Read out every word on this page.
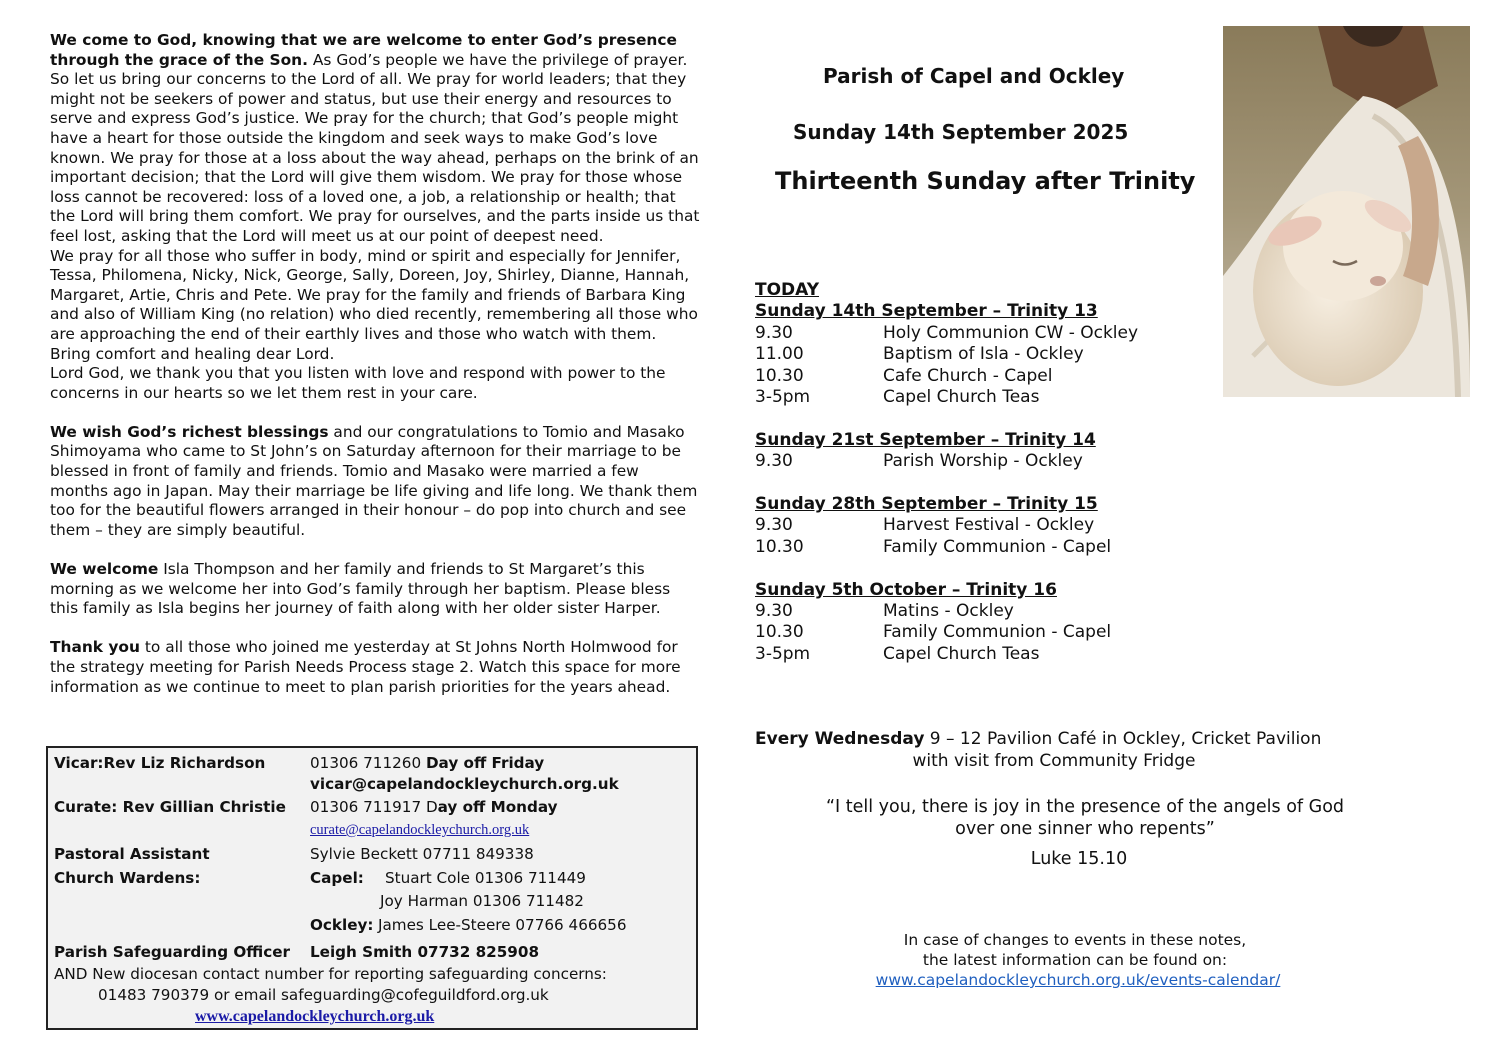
We come to God, knowing that we are welcome to enter God’s presence through the grace of the Son. As God’s people we have the privilege of prayer. So let us bring our concerns to the Lord of all. We pray for world leaders; that they might not be seekers of power and status, but use their energy and resources to serve and express God’s justice. We pray for the church; that God’s people might have a heart for those outside the kingdom and seek ways to make God’s love known. We pray for those at a loss about the way ahead, perhaps on the brink of an important decision; that the Lord will give them wisdom. We pray for those whose loss cannot be recovered: loss of a loved one, a job, a relationship or health; that the Lord will bring them comfort. We pray for ourselves, and the parts inside us that feel lost, asking that the Lord will meet us at our point of deepest need.

We pray for all those who suffer in body, mind or spirit and especially for Jennifer, Tessa, Philomena, Nicky, Nick, George, Sally, Doreen, Joy, Shirley, Dianne, Hannah, Margaret, Artie, Chris and Pete. We pray for the family and friends of Barbara King and also of William King (no relation) who died recently, remembering all those who are approaching the end of their earthly lives and those who watch with them. Bring comfort and healing dear Lord.

Lord God, we thank you that you listen with love and respond with power to the concerns in our hearts so we let them rest in your care.

We wish God’s richest blessings and our congratulations to Tomio and Masako Shimoyama who came to St John’s on Saturday afternoon for their marriage to be blessed in front of family and friends. Tomio and Masako were married a few months ago in Japan. May their marriage be life giving and life long. We thank them too for the beautiful flowers arranged in their honour – do pop into church and see them – they are simply beautiful.

We welcome Isla Thompson and her family and friends to St Margaret’s this morning as we welcome her into God’s family through her baptism. Please bless this family as Isla begins her journey of faith along with her older sister Harper.

Thank you to all those who joined me yesterday at St Johns North Holmwood for the strategy meeting for Parish Needs Process stage 2. Watch this space for more information as we continue to meet to plan parish priorities for the years ahead.

Vicar:Rev Liz Richardson	01306 711260 Day off Friday
vicar@capelandockleychurch.org.uk
Curate: Rev Gillian Christie 01306 711917 Day off Monday
curate@capelandockleychurch.org.uk
Pastoral Assistant	Sylvie Beckett 07711 849338
Church Wardens:	Capel: Stuart Cole 01306 711449
Joy Harman 01306 711482
Ockley: James Lee-Steere 07766 466656
Parish Safeguarding Officer Leigh Smith 07732 825908
AND New diocesan contact number for reporting safeguarding concerns:
01483 790379 or email safeguarding@cofeguildford.org.uk
www.capelandockleychurch.org.uk
Parish of Capel and Ockley
Sunday 14th September 2025
Thirteenth Sunday after Trinity
TODAY
Sunday 14th September – Trinity 13
9.30	Holy Communion CW - Ockley
11.00	Baptism of Isla - Ockley
10.30	Cafe Church - Capel
3-5pm	Capel Church Teas
Sunday 21st September – Trinity 14
9.30	Parish Worship - Ockley
Sunday 28th September – Trinity 15
9.30	Harvest Festival - Ockley
10.30	Family Communion - Capel
Sunday 5th October – Trinity 16
9.30	Matins - Ockley
10.30	Family Communion - Capel
3-5pm	Capel Church Teas
Every Wednesday 9 – 12 Pavilion Café in Ockley, Cricket Pavilion
with visit from Community Fridge
“I tell you, there is joy in the presence of the angels of God
over one sinner who repents”
Luke 15.10
In case of changes to events in these notes,
the latest information can be found on:
www.capelandockleychurch.org.uk/events-calendar/
